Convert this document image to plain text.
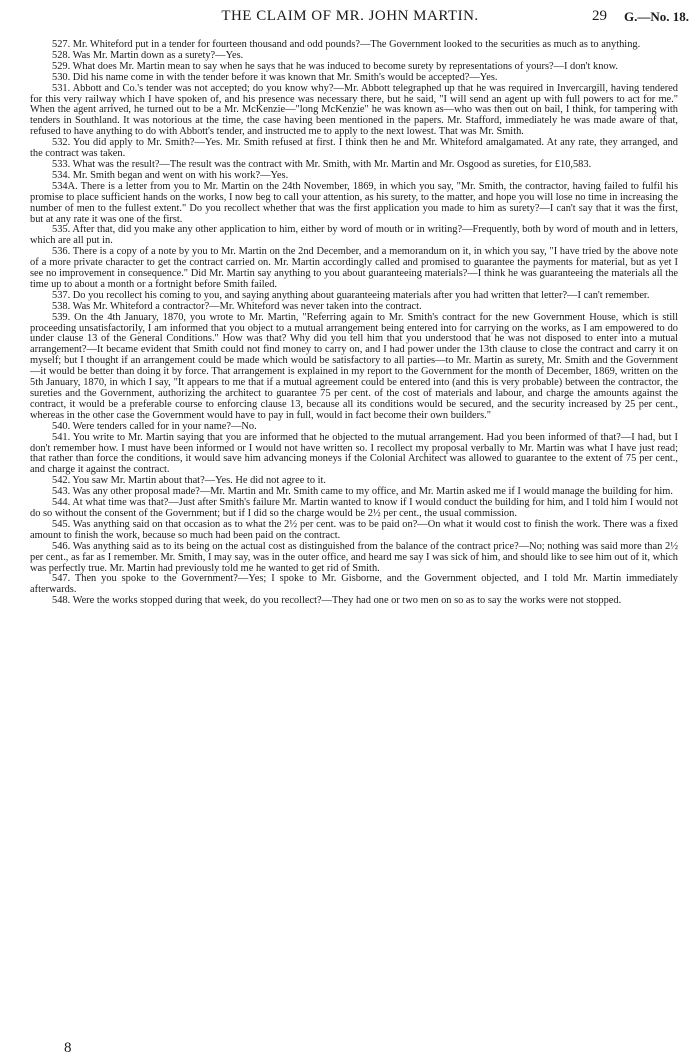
THE CLAIM OF MR. JOHN MARTIN.	29 G.—No. 18.

527. Mr. Whiteford put in a tender for fourteen thousand and odd pounds?—The Government looked to the securities as much as to anything.

528. Was Mr. Martin down as a surety?—Yes.

529. What does Mr. Martin mean to say when he says that he was induced to become surety by representations of yours?—I don't know.

530. Did his name come in with the tender before it was known that Mr. Smith's would be accepted?—Yes.

531. Abbott and Co.'s tender was not accepted; do you know why?—Mr. Abbott telegraphed up that he was required in Invercargill, having tendered for this very railway which I have spoken of, and his presence was necessary there, but he said, "I will send an agent up with full powers to act for me." When the agent arrived, he turned out to be a Mr. McKenzie—"long McKenzie" he was known as—who was then out on bail, I think, for tampering with tenders in Southland. It was notorious at the time, the case having been mentioned in the papers. Mr. Stafford, immediately he was made aware of that, refused to have anything to do with Abbott's tender, and instructed me to apply to the next lowest. That was Mr. Smith.

532. You did apply to Mr. Smith?—Yes. Mr. Smith refused at first. I think then he and Mr. Whiteford amalgamated. At any rate, they arranged, and the contract was taken.

533. What was the result?—The result was the contract with Mr. Smith, with Mr. Martin and Mr. Osgood as sureties, for £10,583.

534. Mr. Smith began and went on with his work?—Yes.

534A. There is a letter from you to Mr. Martin on the 24th November, 1869, in which you say, "Mr. Smith, the contractor, having failed to fulfil his promise to place sufficient hands on the works, I now beg to call your attention, as his surety, to the matter, and hope you will lose no time in increasing the number of men to the fullest extent." Do you recollect whether that was the first application you made to him as surety?—I can't say that it was the first, but at any rate it was one of the first.

535. After that, did you make any other application to him, either by word of mouth or in writing?—Frequently, both by word of mouth and in letters, which are all put in.

536. There is a copy of a note by you to Mr. Martin on the 2nd December, and a memorandum on it, in which you say, "I have tried by the above note of a more private character to get the contract carried on. Mr. Martin accordingly called and promised to guarantee the payments for material, but as yet I see no improvement in consequence." Did Mr. Martin say anything to you about guaranteeing materials?—I think he was guaranteeing the materials all the time up to about a month or a fortnight before Smith failed.

537. Do you recollect his coming to you, and saying anything about guaranteeing materials after you had written that letter?—I can't remember.

538. Was Mr. Whiteford a contractor?—Mr. Whiteford was never taken into the contract.

539. On the 4th January, 1870, you wrote to Mr. Martin, "Referring again to Mr. Smith's contract for the new Government House, which is still proceeding unsatisfactorily, I am informed that you object to a mutual arrangement being entered into for carrying on the works, as I am empowered to do under clause 13 of the General Conditions." How was that? Why did you tell him that you understood that he was not disposed to enter into a mutual arrangement?—It became evident that Smith could not find money to carry on, and I had power under the 13th clause to close the contract and carry it on myself; but I thought if an arrangement could be made which would be satisfactory to all parties—to Mr. Martin as surety, Mr. Smith and the Government—it would be better than doing it by force. That arrangement is explained in my report to the Government for the month of December, 1869, written on the 5th January, 1870, in which I say, "It appears to me that if a mutual agreement could be entered into (and this is very probable) between the contractor, the sureties and the Government, authorizing the architect to guarantee 75 per cent. of the cost of materials and labour, and charge the amounts against the contract, it would be a preferable course to enforcing clause 13, because all its conditions would be secured, and the security increased by 25 per cent., whereas in the other case the Government would have to pay in full, would in fact become their own builders."

540. Were tenders called for in your name?—No.

541. You write to Mr. Martin saying that you are informed that he objected to the mutual arrangement. Had you been informed of that?—I had, but I don't remember how. I must have been informed or I would not have written so. I recollect my proposal verbally to Mr. Martin was what I have just read; that rather than force the conditions, it would save him advancing moneys if the Colonial Architect was allowed to guarantee to the extent of 75 per cent., and charge it against the contract.

542. You saw Mr. Martin about that?—Yes. He did not agree to it.

543. Was any other proposal made?—Mr. Martin and Mr. Smith came to my office, and Mr. Martin asked me if I would manage the building for him.

544. At what time was that?—Just after Smith's failure Mr. Martin wanted to know if I would conduct the building for him, and I told him I would not do so without the consent of the Government; but if I did so the charge would be 2½ per cent., the usual commission.

545. Was anything said on that occasion as to what the 2½ per cent. was to be paid on?—On what it would cost to finish the work. There was a fixed amount to finish the work, because so much had been paid on the contract.

546. Was anything said as to its being on the actual cost as distinguished from the balance of the contract price?—No; nothing was said more than 2½ per cent., as far as I remember. Mr. Smith, I may say, was in the outer office, and heard me say I was sick of him, and should like to see him out of it, which was perfectly true. Mr. Martin had previously told me he wanted to get rid of Smith.

547. Then you spoke to the Government?—Yes; I spoke to Mr. Gisborne, and the Government objected, and I told Mr. Martin immediately afterwards.

548. Were the works stopped during that week, do you recollect?—They had one or two men on so as to say the works were not stopped.

8
